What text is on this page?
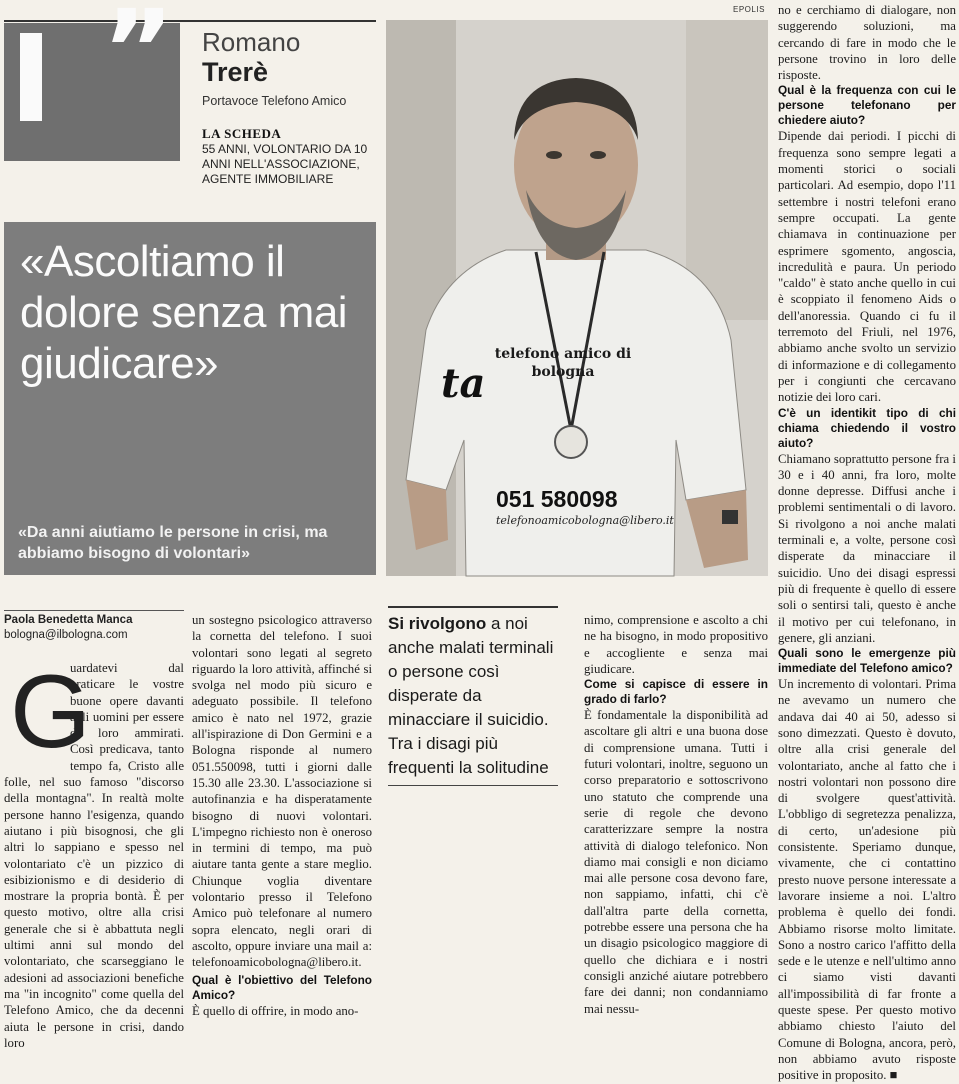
” Romano
Trerè
Portavoce Telefono Amico
LA SCHEDA
55 ANNI, VOLONTARIO DA 10 ANNI NELL'ASSOCIAZIONE, AGENTE IMMOBILIARE
«Ascoltiamo il dolore senza mai giudicare»
«Da anni aiutiamo le persone in crisi, ma abbiamo bisogno di volontari»
EPOLIS
ta
telefono amico di bologna
051 580098
telefonoamicobologna@libero.it
Paola Benedetta Manca
bologna@ilbologna.com
uardatevi dal praticare le vostre buone opere davanti agli uomini per essere da loro ammirati. Così predicava, tanto tempo fa, Cristo alle folle, nel suo famoso "discorso della montagna". In realtà molte persone hanno l'esigenza, quando aiutano i più bisognosi, che gli altri lo sappiano e spesso nel volontariato c'è un pizzico di esibizionismo e di desiderio di mostrare la propria bontà. È per questo motivo, oltre alla crisi generale che si è abbattuta negli ultimi anni sul mondo del volontariato, che scarseggiano le adesioni ad associazioni benefiche ma "in incognito" come quella del Telefono Amico, che da decenni aiuta le persone in crisi, dando loro
G

un sostegno psicologico attraverso la cornetta del telefono. I suoi volontari sono legati al segreto riguardo la loro attività, affinché si svolga nel modo più sicuro e adeguato possibile. Il telefono amico è nato nel 1972, grazie all'ispirazione di Don Germini e a Bologna risponde al numero 051.550098, tutti i giorni dalle 15.30 alle 23.30. L'associazione si autofinanzia e ha disperatamente bisogno di nuovi volontari. L'impegno richiesto non è oneroso in termini di tempo, ma può aiutare tanta gente a stare meglio. Chiunque voglia diventare volontario presso il Telefono Amico può telefonare al numero sopra elencato, negli orari di ascolto, oppure inviare una mail a: telefonoamicobologna@libero.it.

Qual è l'obiettivo del Telefono Amico?

È quello di offrire, in modo ano-

Si rivolgono a noi anche malati terminali o persone così disperate da minacciare il suicidio. Tra i disagi più frequenti la solitudine

nimo, comprensione e ascolto a chi ne ha bisogno, in modo propositivo e accogliente e senza mai giudicare.

Come si capisce di essere in grado di farlo?

È fondamentale la disponibilità ad ascoltare gli altri e una buona dose di comprensione umana. Tutti i futuri volontari, inoltre, seguono un corso preparatorio e sottoscrivono uno statuto che comprende una serie di regole che devono caratterizzare sempre la nostra attività di dialogo telefonico. Non diamo mai consigli e non diciamo mai alle persone cosa devono fare, non sappiamo, infatti, chi c'è dall'altra parte della cornetta, potrebbe essere una persona che ha un disagio psicologico maggiore di quello che dichiara e i nostri consigli anziché aiutare potrebbero fare dei danni; non condanniamo mai nessu-

no e cerchiamo di dialogare, non suggerendo soluzioni, ma cercando di fare in modo che le persone trovino in loro delle risposte.

Qual è la frequenza con cui le persone telefonano per chiedere aiuto?

Dipende dai periodi. I picchi di frequenza sono sempre legati a momenti storici o sociali particolari. Ad esempio, dopo l'11 settembre i nostri telefoni erano sempre occupati. La gente chiamava in continuazione per esprimere sgomento, angoscia, incredulità e paura. Un periodo "caldo" è stato anche quello in cui è scoppiato il fenomeno Aids o dell'anoressia. Quando ci fu il terremoto del Friuli, nel 1976, abbiamo anche svolto un servizio di informazione e di collegamento per i congiunti che cercavano notizie dei loro cari.

C'è un identikit tipo di chi chiama chiedendo il vostro aiuto?

Chiamano soprattutto persone fra i 30 e i 40 anni, fra loro, molte donne depresse. Diffusi anche i problemi sentimentali o di lavoro. Si rivolgono a noi anche malati terminali e, a volte, persone così disperate da minacciare il suicidio. Uno dei disagi espressi più di frequente è quello di essere soli o sentirsi tali, questo è anche il motivo per cui telefonano, in genere, gli anziani.

Quali sono le emergenze più immediate del Telefono amico?

Un incremento di volontari. Prima ne avevamo un numero che andava dai 40 ai 50, adesso si sono dimezzati. Questo è dovuto, oltre alla crisi generale del volontariato, anche al fatto che i nostri volontari non possono dire di svolgere quest'attività. L'obbligo di segretezza penalizza, di certo, un'adesione più consistente. Speriamo dunque, vivamente, che ci contattino presto nuove persone interessate a lavorare insieme a noi. L'altro problema è quello dei fondi. Abbiamo risorse molto limitate. Sono a nostro carico l'affitto della sede e le utenze e nell'ultimo anno ci siamo visti davanti all'impossibilità di far fronte a queste spese. Per questo motivo abbiamo chiesto l'aiuto del Comune di Bologna, ancora, però, non abbiamo avuto risposte positive in proposito. ■
